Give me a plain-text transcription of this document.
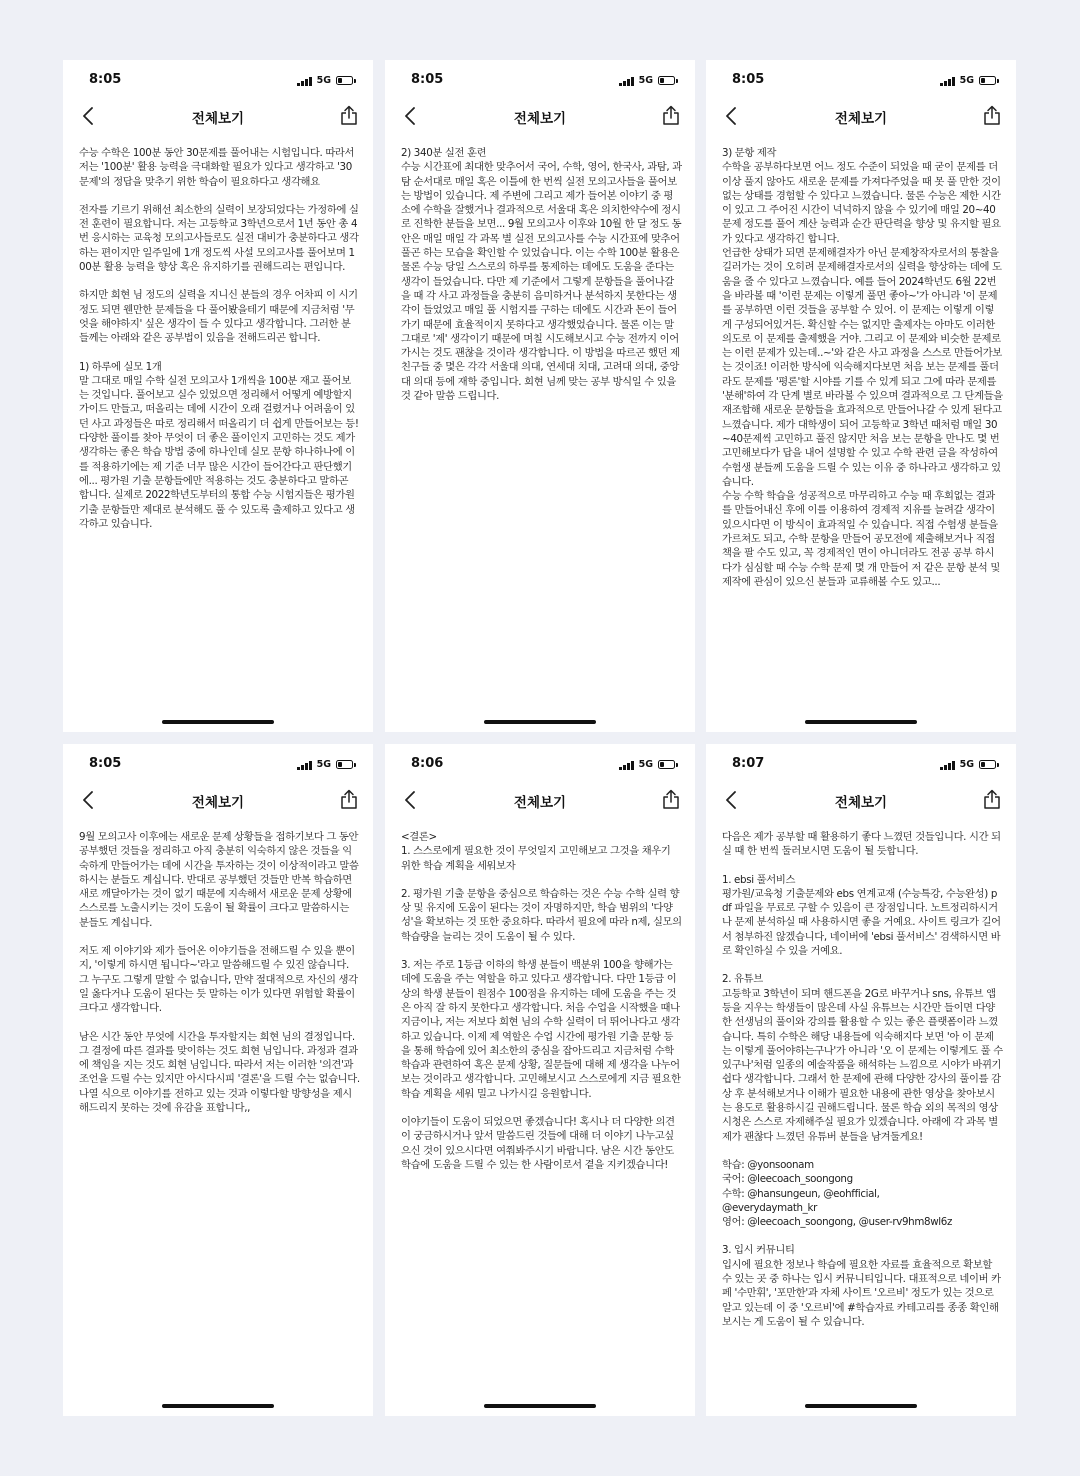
8:05	5G
전체보기

수능 수학은 100분 동안 30문제를 풀어내는 시험입니다. 따라서 저는 '100분' 활용 능력을 극대화할 필요가 있다고 생각하고 '30문제'의 정답을 맞추기 위한 학습이 필요하다고 생각해요

전자를 기르기 위해선 최소한의 실력이 보장되었다는 가정하에 실전 훈련이 필요합니다. 저는 고등학교 3학년으로서 1년 동안 총 4번 응시하는 교육청 모의고사들로도 실전 대비가 충분하다고 생각하는 편이지만 일주일에 1개 정도씩 사설 모의고사를 풀어보며 100분 활용 능력을 향상 혹은 유지하기를 권해드리는 편입니다.

하지만 희현 님 정도의 실력을 지니신 분들의 경우 어차피 이 시기 정도 되면 웬만한 문제들을 다 풀어봤을테기 때문에 지금처럼 '무엇을 해야하지' 싶은 생각이 들 수 있다고 생각합니다. 그러한 분들께는 아래와 같은 공부법이 있음을 전해드리곤 합니다.

1) 하루에 실모 1개
말 그대로 매일 수학 실전 모의고사 1개씩을 100분 재고 풀어보는 것입니다. 풀어보고 실수 있었으면 정리해서 어떻게 예방할지 가이드 만들고, 떠올리는 데에 시간이 오래 걸렸거나 어려움이 있던 사고 과정들은 따로 정리해서 떠올리기 더 쉽게 만들어보는 등! 다양한 풀이를 찾아 무엇이 더 좋은 풀이인지 고민하는 것도 제가 생각하는 좋은 학습 방법 중에 하나인데 실모 문항 하나하나에 이를 적용하기에는 제 기준 너무 많은 시간이 들어간다고 판단했기에... 평가원 기출 문항들에만 적용하는 것도 충분하다고 말하곤 합니다. 실제로 2022학년도부터의 통합 수능 시험지들은 평가원 기출 문항들만 제대로 분석해도 풀 수 있도록 출제하고 있다고 생각하고 있습니다.

8:05	5G
전체보기

2) 340분 실전 훈련
수능 시간표에 최대한 맞추어서 국어, 수학, 영어, 한국사, 과탐, 과탐 순서대로 매일 혹은 이틀에 한 번씩 실전 모의고사들을 풀어보는 방법이 있습니다. 제 주변에 그리고 제가 들어본 이야기 중 평소에 수학을 잘했거나 결과적으로 서울대 혹은 의치한약수에 정시로 진학한 분들을 보면... 9월 모의고사 이후와 10월 한 달 정도 동안은 매일 매일 각 과목 별 실전 모의고사를 수능 시간표에 맞추어 풀곤 하는 모습을 확인할 수 있었습니다. 이는 수학 100분 활용은 물론 수능 당일 스스로의 하루를 통제하는 데에도 도움을 준다는 생각이 들었습니다. 다만 제 기준에서 그렇게 문항들을 풀어나갈을 때 각 사고 과정들을 충분히 음미하거나 분석하지 못한다는 생각이 들었었고 매일 풀 시험지를 구하는 데에도 시간과 돈이 들어가기 때문에 효율적이지 못하다고 생각했었습니다. 물론 이는 말 그대로 '제' 생각이기 때문에 며칠 시도해보시고 수능 전까지 이어가시는 것도 괜찮을 것이라 생각합니다. 이 방법을 따르곤 했던 제 친구들 중 몇은 각각 서울대 의대, 연세대 치대, 고려대 의대, 중앙대 의대 등에 재학 중입니다. 희현 님께 맞는 공부 방식일 수 있을 것 같아 말씀 드립니다.

8:05	5G
전체보기

3) 문항 제작
수학을 공부하다보면 어느 정도 수준이 되었을 때 굳이 문제를 더 이상 풀지 않아도 새로운 문제를 가져다주었을 때 못 풀 만한 것이 없는 상태를 경험할 수 있다고 느꼈습니다. 물론 수능은 제한 시간이 있고 그 주어진 시간이 넉넉하지 않을 수 있기에 매일 20~40문제 정도를 풀어 계산 능력과 순간 판단력을 향상 및 유지할 필요가 있다고 생각하긴 합니다.
언급한 상태가 되면 문제해결자가 아닌 문제창작자로서의 통찰을 길러가는 것이 오히려 문제해결자로서의 실력을 향상하는 데에 도움을 줄 수 있다고 느꼈습니다. 예를 들어 2024학년도 6월 22번을 바라볼 때 '이런 문제는 이렇게 풀면 좋아~'가 아니라 '이 문제를 공부하면 이런 것들을 공부할 수 있어. 이 문제는 이렇게 이렇게 구성되어있거든. 확신할 수는 없지만 출제자는 아마도 이러한 의도로 이 문제를 출제했을 거야. 그리고 이 문제와 비슷한 문제로는 이런 문제가 있는데..~'와 같은 사고 과정을 스스로 만들어가보는 것이죠! 이러한 방식에 익숙해지다보면 처음 보는 문제를 풀더라도 문제를 '평론'할 시야를 기를 수 있게 되고 그에 따라 문제를 '분해'하여 각 단계 별로 바라볼 수 있으며 결과적으로 그 단계들을 재조합해 새로운 문항들을 효과적으로 만들어나갈 수 있게 된다고 느꼈습니다. 제가 대학생이 되어 고등학교 3학년 때처럼 매일 30~40문제씩 고민하고 풀진 않지만 처음 보는 문항을 만나도 몇 번 고민해보다가 답을 내어 설명할 수 있고 수학 관련 글을 작성하여 수험생 분들께 도움을 드릴 수 있는 이유 중 하나라고 생각하고 있습니다.
수능 수학 학습을 성공적으로 마무리하고 수능 때 후회없는 결과를 만들어내신 후에 이를 이용하여 경제적 지유를 늘려갈 생각이 있으시다면 이 방식이 효과적일 수 있습니다. 직접 수험생 분들을 가르쳐도 되고, 수학 문항을 만들어 공모전에 제출해보거나 직접 책을 팔 수도 있고, 꼭 경제적인 면이 아니더라도 전공 공부 하시다가 심심할 때 수능 수학 문제 몇 개 만들어 저 같은 문항 분석 및 제작에 관심이 있으신 분들과 교류해볼 수도 있고...

8:05	5G
전체보기

9월 모의고사 이후에는 새로운 문제 상황들을 접하기보다 그 동안 공부했던 것들을 정리하고 아직 충분히 익숙하지 않은 것들을 익숙하게 만들어가는 데에 시간을 투자하는 것이 이상적이라고 말씀하시는 분들도 계십니다. 반대로 공부했던 것들만 반복 학습하면 새로 깨달아가는 것이 없기 때문에 지속해서 새로운 문제 상황에 스스로를 노출시키는 것이 도움이 될 확률이 크다고 말씀하시는 분들도 계십니다.

저도 제 이야기와 제가 들어온 이야기들을 전해드릴 수 있을 뿐이지, '이렇게 하시면 됩니다~'라고 말씀해드릴 수 있진 않습니다. 그 누구도 그렇게 말할 수 없습니다, 만약 절대적으로 자신의 생각일 옳다거나 도움이 된다는 듯 말하는 이가 있다면 위험할 확률이 크다고 생각합니다.

남은 시간 동안 무엇에 시간을 투자할지는 희현 님의 결정입니다. 그 결정에 따른 결과를 맞이하는 것도 희현 님입니다. 과정과 결과에 책임을 지는 것도 희현 님입니다. 따라서 저는 이러한 '의견'과 조언을 드릴 수는 있지만 아시다시피 '결론'을 드릴 수는 없습니다. 나열 식으로 이야기를 전하고 있는 것과 이렇다할 방향성을 제시해드리지 못하는 것에 유감을 표합니다,,

8:06	5G
전체보기

<결론>
1. 스스로에게 필요한 것이 무엇일지 고민해보고 그것을 채우기 위한 학습 계획을 세워보자

2. 평가원 기출 문항을 중심으로 학습하는 것은 수능 수학 실력 향상 및 유지에 도움이 된다는 것이 자명하지만, 학습 범위의 '다양성'을 확보하는 것 또한 중요하다. 따라서 필요에 따라 n제, 실모의 학습량을 늘리는 것이 도움이 될 수 있다.

3. 저는 주로 1등급 이하의 학생 분들이 백분위 100을 향해가는 데에 도움을 주는 역할을 하고 있다고 생각합니다. 다만 1등급 이상의 학생 분들이 원점수 100점을 유지하는 데에 도움을 주는 것은 아직 잘 하지 못한다고 생각합니다. 처음 수업을 시작했을 때나 지금이나, 저는 저보다 희현 님의 수학 실력이 더 뛰어나다고 생각하고 있습니다. 이제 제 역할은 수업 시간에 평가원 기출 문항 등을 통해 학습에 있어 최소한의 중심을 잡아드리고 지금처럼 수학 학습과 관련하여 혹은 문제 상황, 질문들에 대해 제 생각을 나누어보는 것이라고 생각합니다. 고민해보시고 스스로에게 지금 필요한 학습 계획을 세워 밀고 나가시길 응원합니다.

이야기들이 도움이 되었으면 좋겠습니다! 혹시나 더 다양한 의견이 궁금하시거나 앞서 말씀드린 것들에 대해 더 이야기 나누고싶으신 것이 있으시다면 여쭤봐주시기 바랍니다. 남은 시간 동안도 학습에 도움을 드릴 수 있는 한 사람이로서 곁을 지키겠습니다!

8:07	5G
전체보기

다음은 제가 공부할 때 활용하기 좋다 느꼈던 것들입니다. 시간 되실 때 한 번씩 둘러보시면 도움이 될 듯합니다.

1. ebsi 풀서비스
평가원/교육청 기출문제와 ebs 연계교재 (수능특강, 수능완성) pdf 파일을 무료로 구할 수 있음이 큰 장점입니다. 노트정리하시거나 문제 분석하실 때 사용하시면 좋을 거예요. 사이트 링크가 길어서 첨부하진 않겠습니다, 네이버에 'ebsi 풀서비스' 검색하시면 바로 확인하실 수 있을 거예요.

2. 유튜브
고등학교 3학년이 되며 핸드폰을 2G로 바꾸거나 sns, 유튜브 앱 등을 지우는 학생들이 많은데 사실 유튜브는 시간만 들이면 다양한 선생님의 풀이와 강의를 활용할 수 있는 좋은 플랫폼이라 느꼈습니다. 특히 수학은 해당 내용들에 익숙해지다 보면 '아 이 문제는 이렇게 풀어야하는구나'가 아니라 '오 이 문제는 이렇게도 풀 수 있구나'처럼 일종의 예술작품을 해석하는 느낌으로 시야가 바뀌기 쉽다 생각합니다. 그래서 한 문제에 관해 다양한 강사의 풀이를 감상 후 분석해보거나 이해가 필요한 내용에 관한 영상을 찾아보시는 용도로 활용하시길 권해드립니다. 물론 학습 외의 목적의 영상 시청은 스스로 자제해주실 필요가 있겠습니다. 아래에 각 과목 별 제가 괜찮다 느꼈던 유튜버 분들을 남겨둘게요!

학습: @yonsoonam
국어: @leecoach_soongong
수학: @hansungeun, @eohfficial,
@everydaymath_kr
영어: @leecoach_soongong, @user-rv9hm8wl6z

3. 입시 커뮤니티
입시에 필요한 정보나 학습에 필요한 자료를 효율적으로 확보할 수 있는 곳 중 하나는 입시 커뮤니티입니다. 대표적으로 네이버 카페 '수만휘', '포만한'과 자체 사이트 '오르비' 정도가 있는 것으로 알고 있는데 이 중 '오르비'에 #학습자료 카테고리를 종종 확인해보시는 게 도움이 될 수 있습니다.
